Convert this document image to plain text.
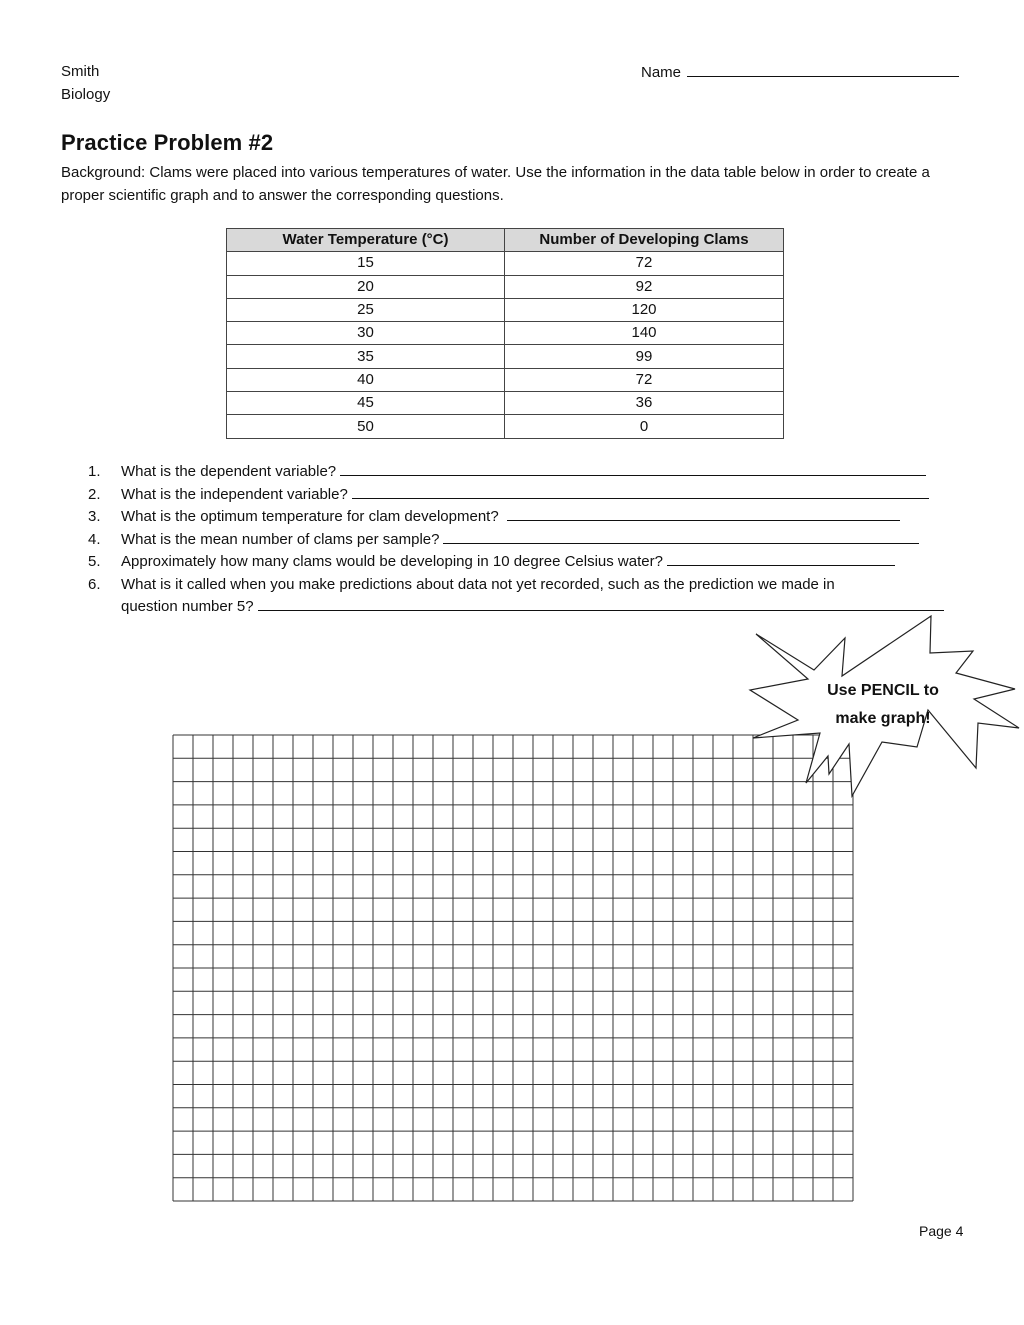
Smith
Biology
Name
Practice Problem #2
Background: Clams were placed into various temperatures of water. Use the information in the data table below in order to create a proper scientific graph and to answer the corresponding questions.
Water Temperature (°C)	Number of Developing Clams
15	72
20	92
25	120
30	140
35	99
40	72
45	36
50	0
1. What is the dependent variable?
2. What is the independent variable?
3. What is the optimum temperature for clam development?
4. What is the mean number of clams per sample?
5. Approximately how many clams would be developing in 10 degree Celsius water?
6. What is it called when you make predictions about data not yet recorded, such as the prediction we made in
question number 5?
Use PENCIL to
make graph!
Page 4
